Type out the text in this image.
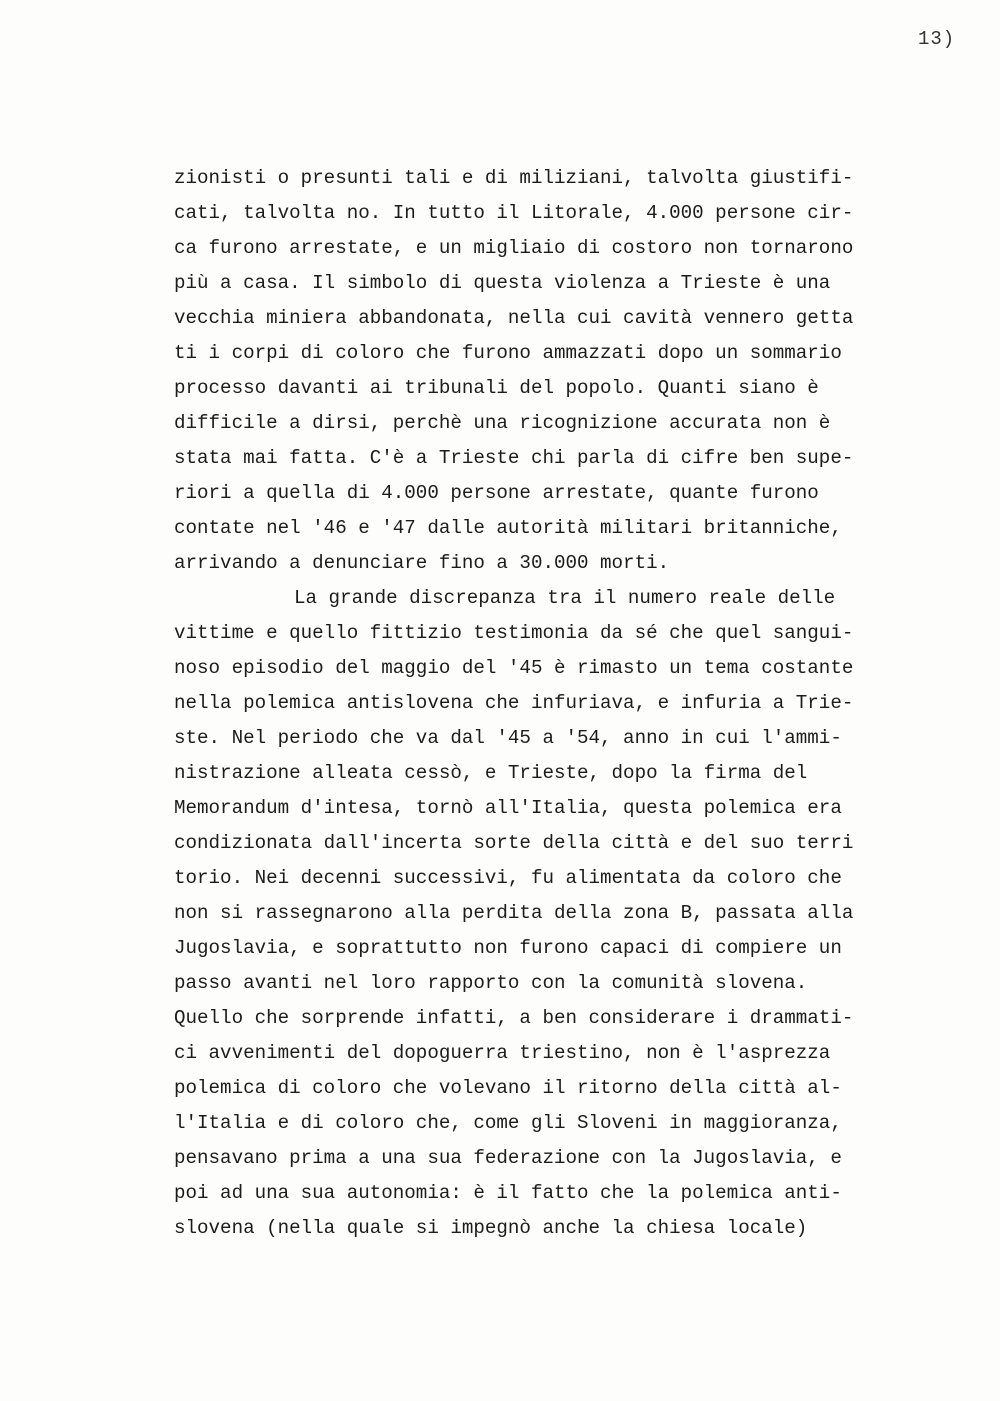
13)
zionisti o presunti tali e di miliziani, talvolta giustifi-
cati, talvolta no. In tutto il Litorale, 4.000 persone cir-
ca furono arrestate, e un migliaio di costoro non tornarono
più a casa. Il simbolo di questa violenza a Trieste è una
vecchia miniera abbandonata, nella cui cavità vennero getta
ti i corpi di coloro che furono ammazzati dopo un sommario
processo davanti ai tribunali del popolo. Quanti siano è
difficile a dirsi, perchè una ricognizione accurata non è
stata mai fatta. C'è a Trieste chi parla di cifre ben supe-
riori a quella di 4.000 persone arrestate, quante furono
contate nel '46 e '47 dalle autorità militari britanniche,
arrivando a denunciare fino a 30.000 morti.
La grande discrepanza tra il numero reale delle
vittime e quello fittizio testimonia da sé che quel sangui-
noso episodio del maggio del '45 è rimasto un tema costante
nella polemica antislovena che infuriava, e infuria a Trie-
ste. Nel periodo che va dal '45 a '54, anno in cui l'ammi-
nistrazione alleata cessò, e Trieste, dopo la firma del
Memorandum d'intesa, tornò all'Italia, questa polemica era
condizionata dall'incerta sorte della città e del suo terri
torio. Nei decenni successivi, fu alimentata da coloro che
non si rassegnarono alla perdita della zona B, passata alla
Jugoslavia, e soprattutto non furono capaci di compiere un
passo avanti nel loro rapporto con la comunità slovena.
Quello che sorprende infatti, a ben considerare i drammati-
ci avvenimenti del dopoguerra triestino, non è l'asprezza
polemica di coloro che volevano il ritorno della città al-
l'Italia e di coloro che, come gli Sloveni in maggioranza,
pensavano prima a una sua federazione con la Jugoslavia, e
poi ad una sua autonomia: è il fatto che la polemica anti-
slovena (nella quale si impegnò anche la chiesa locale)
